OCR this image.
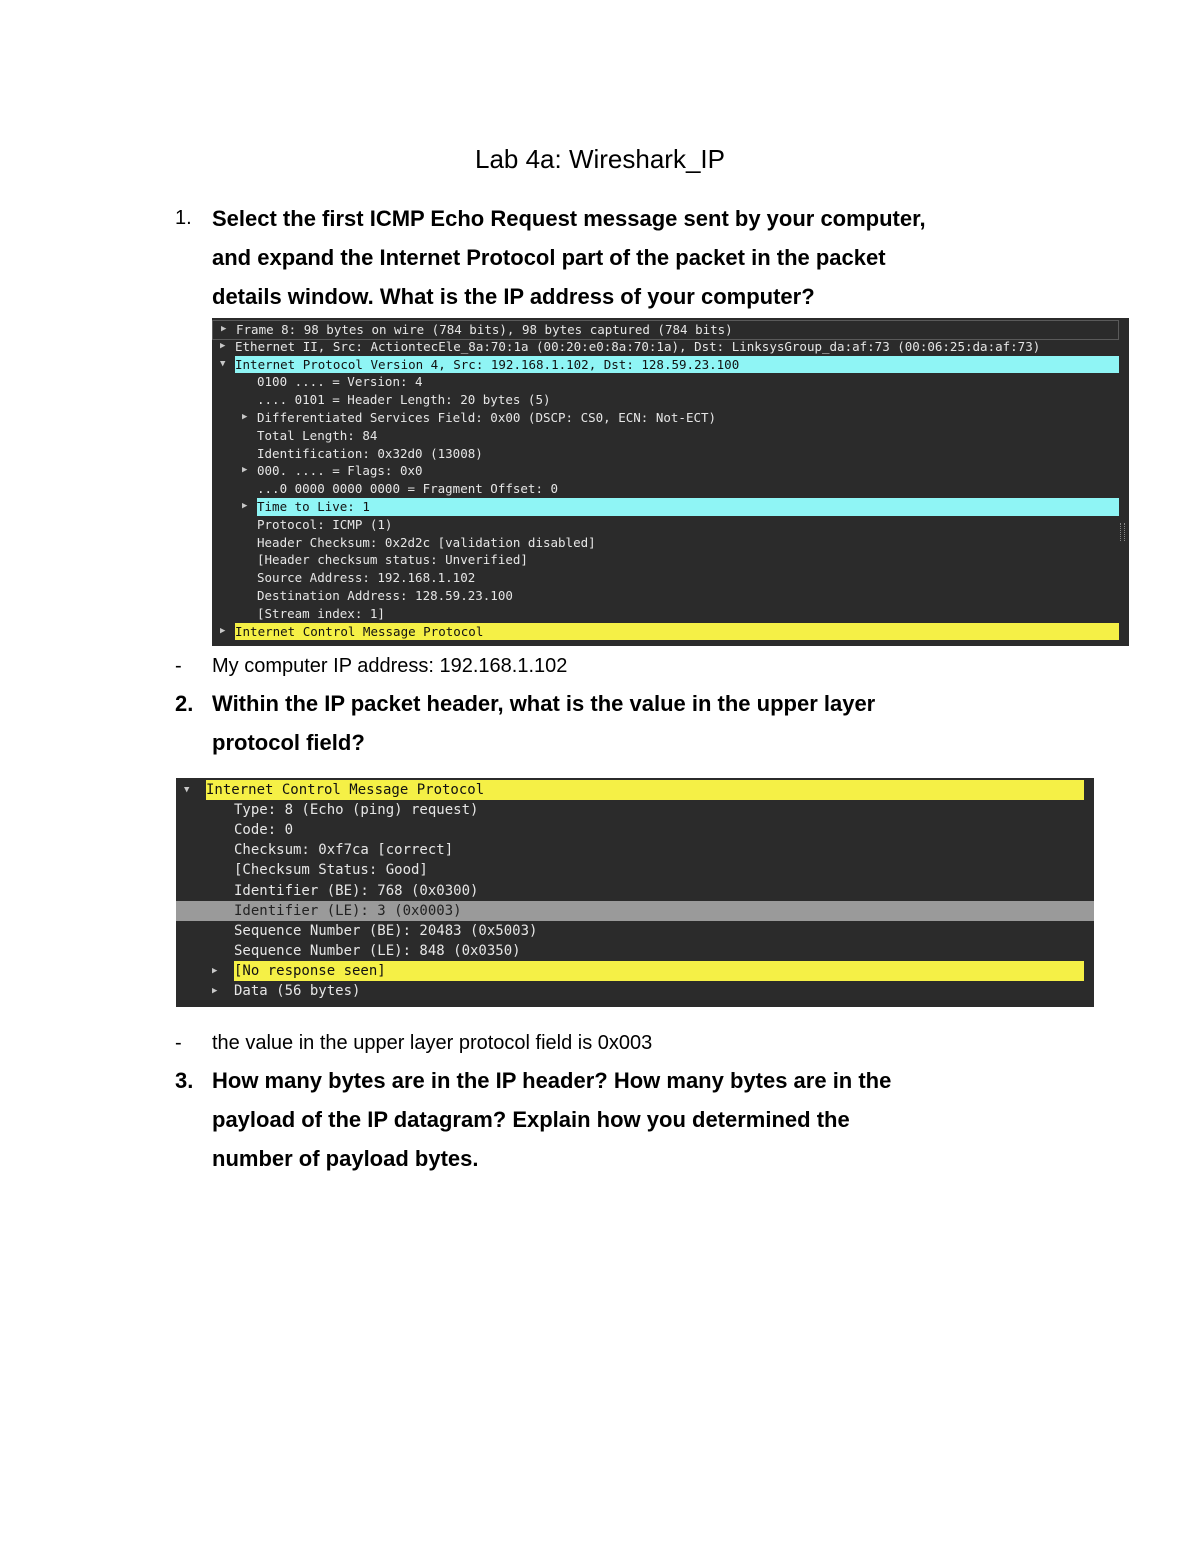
Lab 4a: Wireshark_IP
1. Select the first ICMP Echo Request message sent by your computer,
and expand the Internet Protocol part of the packet in the packet
details window. What is the IP address of your computer?
▶ Frame 8: 98 bytes on wire (784 bits), 98 bytes captured (784 bits)
▶ Ethernet II, Src: ActiontecEle_8a:70:1a (00:20:e0:8a:70:1a), Dst: LinksysGroup_da:af:73 (00:06:25:da:af:73)
▼ Internet Protocol Version 4, Src: 192.168.1.102, Dst: 128.59.23.100
0100 .... = Version: 4
.... 0101 = Header Length: 20 bytes (5)
▶ Differentiated Services Field: 0x00 (DSCP: CS0, ECN: Not-ECT)
Total Length: 84
Identification: 0x32d0 (13008)
▶ 000. .... = Flags: 0x0
...0 0000 0000 0000 = Fragment Offset: 0
▶ Time to Live: 1
Protocol: ICMP (1)
Header Checksum: 0x2d2c [validation disabled]
[Header checksum status: Unverified]
Source Address: 192.168.1.102
Destination Address: 128.59.23.100
[Stream index: 1]
▶ Internet Control Message Protocol
- My computer IP address: 192.168.1.102
2. Within the IP packet header, what is the value in the upper layer
protocol field?
▼ Internet Control Message Protocol
Type: 8 (Echo (ping) request)
Code: 0
Checksum: 0xf7ca [correct]
[Checksum Status: Good]
Identifier (BE): 768 (0x0300)
Identifier (LE): 3 (0x0003)
Sequence Number (BE): 20483 (0x5003)
Sequence Number (LE): 848 (0x0350)
▶ [No response seen]
▶ Data (56 bytes)
- the value in the upper layer protocol field is 0x003
3. How many bytes are in the IP header? How many bytes are in the
payload of the IP datagram? Explain how you determined the
number of payload bytes.
